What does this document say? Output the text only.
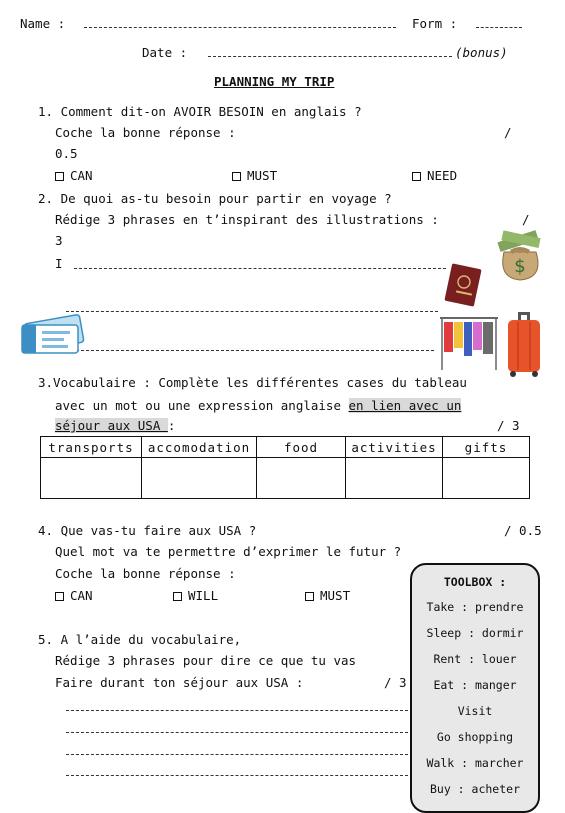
Name :	Form :
Date :	(bonus)
PLANNING MY TRIP
1. Comment dit-on AVOIR BESOIN en anglais ?
Coche la bonne réponse :	/
0.5
CAN	MUST	NEED
2. De quoi as-tu besoin pour partir en voyage ?
Rédige 3 phrases en t’inspirant des illustrations :	/
3
I	$
3.Vocabulaire : Complète les différentes cases du tableau
avec un mot ou une expression anglaise en lien avec un
séjour aux USA :	/ 3
transports	accomodation	food	activities	gifts

4. Que vas-tu faire aux USA ?	/ 0.5
Quel mot va te permettre d’exprimer le futur ?
Coche la bonne réponse :
CAN	WILL	MUST
5. A l’aide du vocabulaire,
Rédige 3 phrases pour dire ce que tu vas
Faire durant ton séjour aux USA :	/ 3
TOOLBOX :
Take : prendre
Sleep : dormir
Rent : louer
Eat : manger
Visit
Go shopping
Walk : marcher
Buy : acheter
